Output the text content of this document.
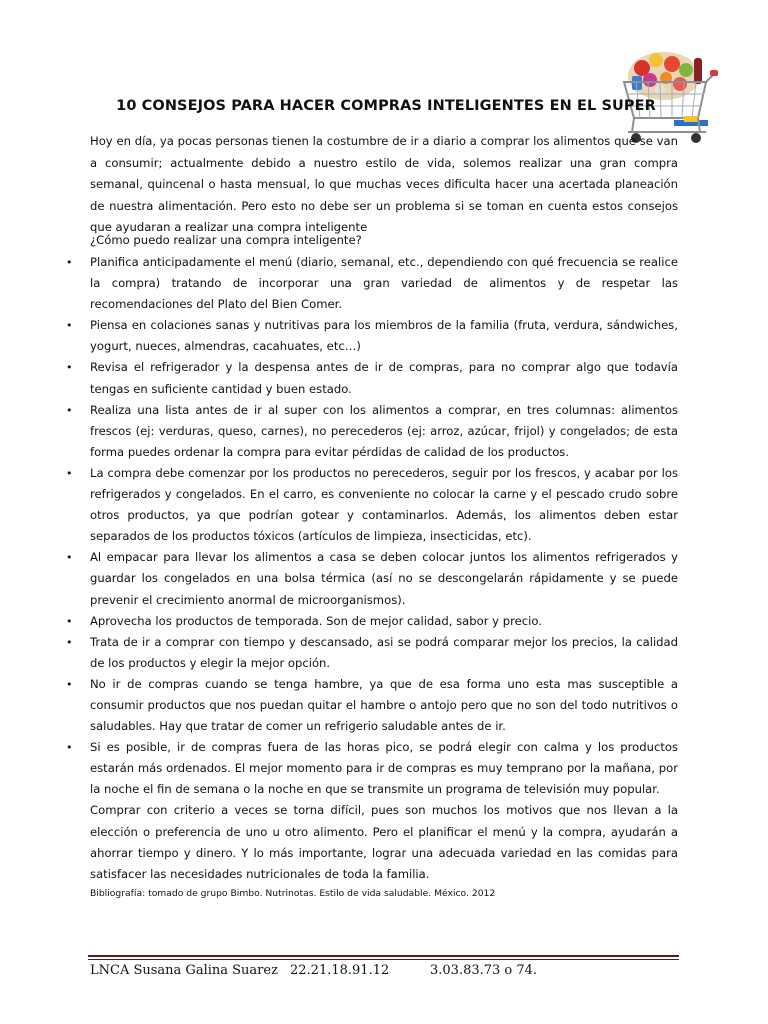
10 CONSEJOS PARA HACER COMPRAS INTELIGENTES EN EL SUPER
Hoy en día, ya pocas personas tienen la costumbre de ir a diario a comprar los alimentos que se van a consumir; actualmente debido a nuestro estilo de vida, solemos realizar una gran compra semanal, quincenal o hasta mensual, lo que muchas veces dificulta hacer una acertada planeación de nuestra alimentación. Pero esto no debe ser un problema si se toman en cuenta estos consejos que ayudaran a realizar una compra inteligente
¿Cómo puedo realizar una compra inteligente?
• Planifica anticipadamente el menú (diario, semanal, etc., dependiendo con qué frecuencia se realice la compra) tratando de incorporar una gran variedad de alimentos y de respetar las recomendaciones del Plato del Bien Comer.
• Piensa en colaciones sanas y nutritivas para los miembros de la familia (fruta, verdura, sándwiches, yogurt, nueces, almendras, cacahuates, etc…)
• Revisa el refrigerador y la despensa antes de ir de compras, para no comprar algo que todavía tengas en suficiente cantidad y buen estado.
• Realiza una lista antes de ir al super con los alimentos a comprar, en tres columnas: alimentos frescos (ej: verduras, queso, carnes), no perecederos (ej: arroz, azúcar, frijol) y congelados; de esta forma puedes ordenar la compra para evitar pérdidas de calidad de los productos.
• La compra debe comenzar por los productos no perecederos, seguir por los frescos, y acabar por los refrigerados y congelados. En el carro, es conveniente no colocar la carne y el pescado crudo sobre otros productos, ya que podrían gotear y contaminarlos. Además, los alimentos deben estar separados de los productos tóxicos (artículos de limpieza, insecticidas, etc).
• Al empacar para llevar los alimentos a casa se deben colocar juntos los alimentos refrigerados y guardar los congelados en una bolsa térmica (así no se descongelarán rápidamente y se puede prevenir el crecimiento anormal de microorganismos).
• Aprovecha los productos de temporada. Son de mejor calidad, sabor y precio.
• Trata de ir a comprar con tiempo y descansado, asi se podrá comparar mejor los precios, la calidad de los productos y elegir la mejor opción.
• No ir de compras cuando se tenga hambre, ya que de esa forma uno esta mas susceptible a consumir productos que nos puedan quitar el hambre o antojo pero que no son del todo nutritivos o saludables. Hay que tratar de comer un refrigerio saludable antes de ir.
• Si es posible, ir de compras fuera de las horas pico, se podrá elegir con calma y los productos estarán más ordenados. El mejor momento para ir de compras es muy temprano por la mañana, por la noche el fin de semana o la noche en que se transmite un programa de televisión muy popular.
Comprar con criterio a veces se torna difícil, pues son muchos los motivos que nos llevan a la elección o preferencia de uno u otro alimento. Pero el planificar el menú y la compra, ayudarán a ahorrar tiempo y dinero. Y lo más importante, lograr una adecuada variedad en las comidas para satisfacer las necesidades nutricionales de toda la familia.
Bibliografía: tomado de grupo Bimbo. Nutrinotas. Estilo de vida saludable. México. 2012
LNCA Susana Galina Suarez 22.21.18.91.12	3.03.83.73 o 74.
